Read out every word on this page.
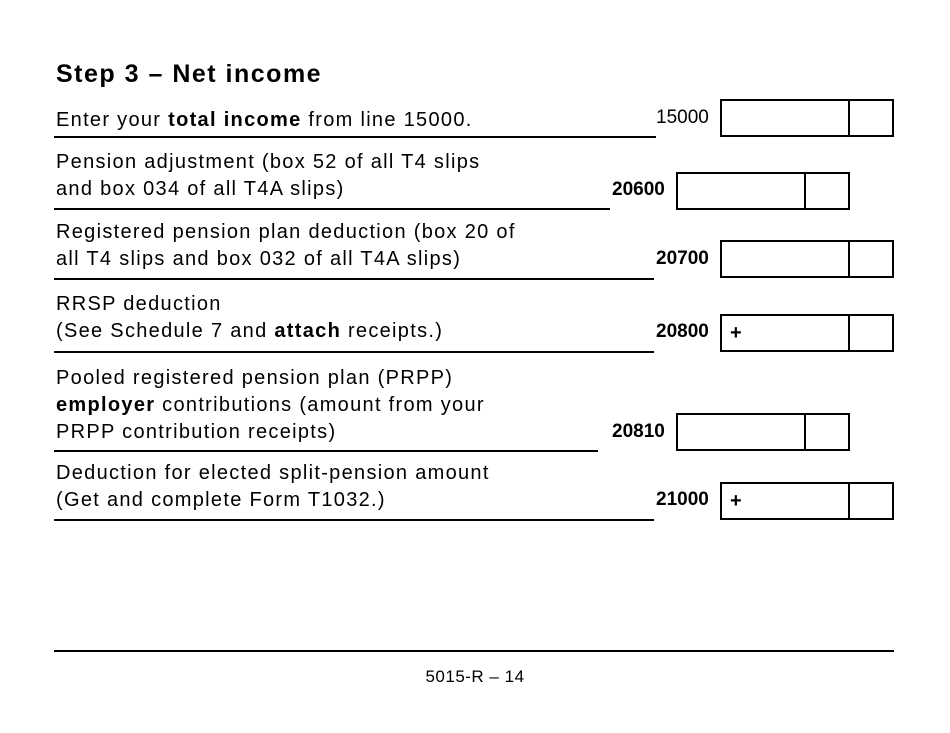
Step 3 – Net income
Enter your total income from line 15000.	15000
Pension adjustment (box 52 of all T4 slips
and box 034 of all T4A slips)	20600
Registered pension plan deduction (box 20 of
all T4 slips and box 032 of all T4A slips)	20700
RRSP deduction
(See Schedule 7 and attach receipts.)	20800 +
Pooled registered pension plan (PRPP)
employer contributions (amount from your
PRPP contribution receipts)	20810
Deduction for elected split-pension amount
(Get and complete Form T1032.)	21000 +
5015-R – 14
